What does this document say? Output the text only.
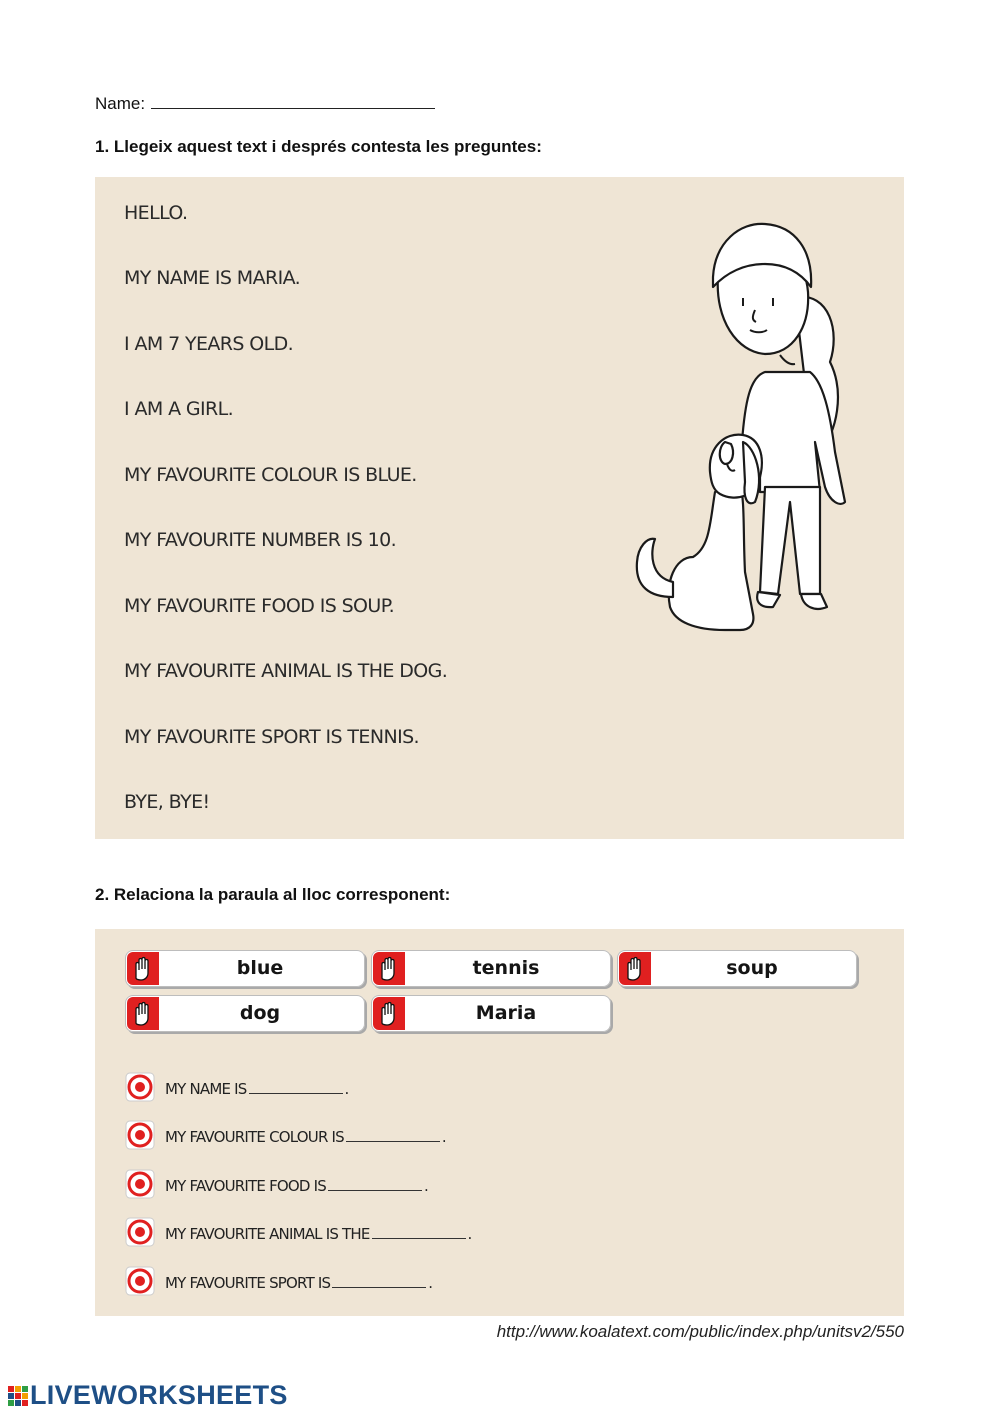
Name:
1. Llegeix aquest text i després contesta les preguntes:
HELLO.
MY NAME IS MARIA.
I AM 7 YEARS OLD.
I AM A GIRL.
MY FAVOURITE COLOUR IS BLUE.
MY FAVOURITE NUMBER IS 10.
MY FAVOURITE FOOD IS SOUP.
MY FAVOURITE ANIMAL IS THE DOG.
MY FAVOURITE SPORT IS TENNIS.
BYE, BYE!
2. Relaciona la paraula al lloc corresponent:
blue	tennis	soup
dog	Maria
MY NAME IS	.
MY FAVOURITE COLOUR IS	.
MY FAVOURITE FOOD IS	.
MY FAVOURITE ANIMAL IS THE	.
MY FAVOURITE SPORT IS	.
http://www.koalatext.com/public/index.php/unitsv2/550
LIVEWORKSHEETS
